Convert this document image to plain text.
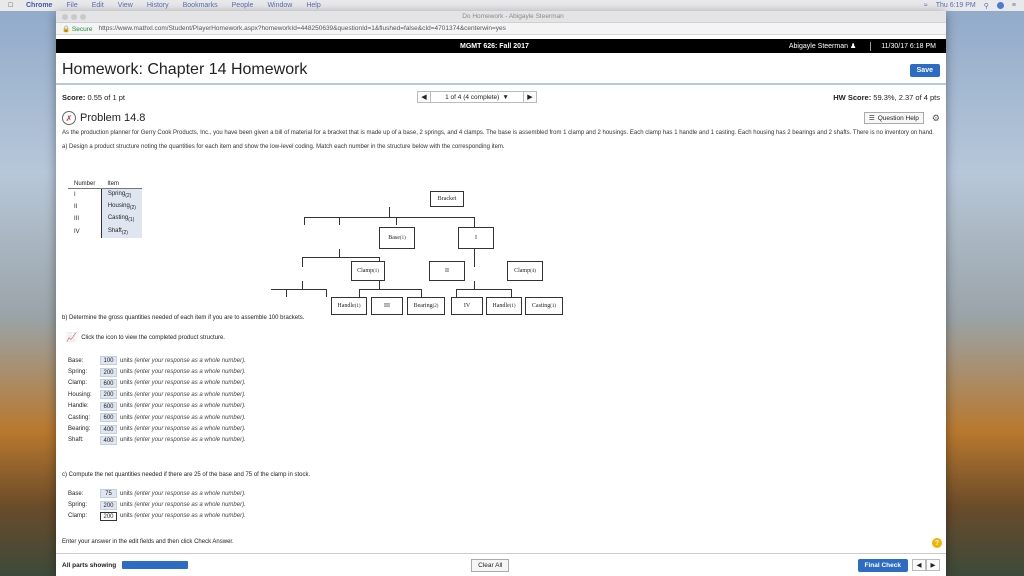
Chrome File Edit View History Bookmarks People Window Help	≈ Thu 6:19 PM ⚲	≡
Do Homework - Abigayle Steerman
🔒 Secure https://www.mathxl.com/Student/PlayerHomework.aspx?homeworkId=448250639&questionId=1&flushed=false&cId=4701374&centerwin=yes
MGMT 626: Fall 2017	Abigayle Steerman ♟	11/30/17 6:18 PM
Homework: Chapter 14 Homework	Save
Score: 0.55 of 1 pt	◀	1 of 4 (4 complete) ▼	▶	HW Score: 59.3%, 2.37 of 4 pts
✗ Problem 14.8	☰ Question Help ⚙

As the production planner for Gerry Cook Products, Inc., you have been given a bill of material for a bracket that is made up of a base, 2 springs, and 4 clamps. The base is assembled from 1 clamp and 2 housings. Each clamp has 1 handle and 1 casting. Each housing has 2 bearings and 2 shafts. There is no inventory on hand.

a) Design a product structure noting the quantities for each item and show the low-level coding. Match each number in the structure below with the corresponding item.

Number	Item
I	Spring$_{(2)}$
II	Housing$_{(2)}$
III	Casting$_{(1)}$
IV	Shaft$_{(2)}$
Bracket
Base (1)	I
Clamp (1)	II	Clamp (4)
Handle (1)	III	Bearing (2)	IV	Handle (1)	Casting (1)
b) Determine the gross quantities needed of each item if you are to assemble 100 brackets.
📈 Click the icon to view the completed product structure.
Base:	100	units
(enter your response as a whole number).
Spring:	200	units
(enter your response as a whole number).
Clamp:	600	units
(enter your response as a whole number).
Housing:	200	units
(enter your response as a whole number).
Handle:	600	units
(enter your response as a whole number).
Casting:	600	units
(enter your response as a whole number).
Bearing:	400	units
(enter your response as a whole number).
Shaft:	400	units
(enter your response as a whole number).
c) Compute the net quantities needed if there are 25 of the base and 75 of the clamp in stock.
Base:	75	units
(enter your response as a whole number).
Spring:	200	units
(enter your response as a whole number).
Clamp:	200	units
(enter your response as a whole number).
Enter your answer in the edit fields and then click Check Answer.	?
All parts showing	Clear All	Final Check	◀ ▶
